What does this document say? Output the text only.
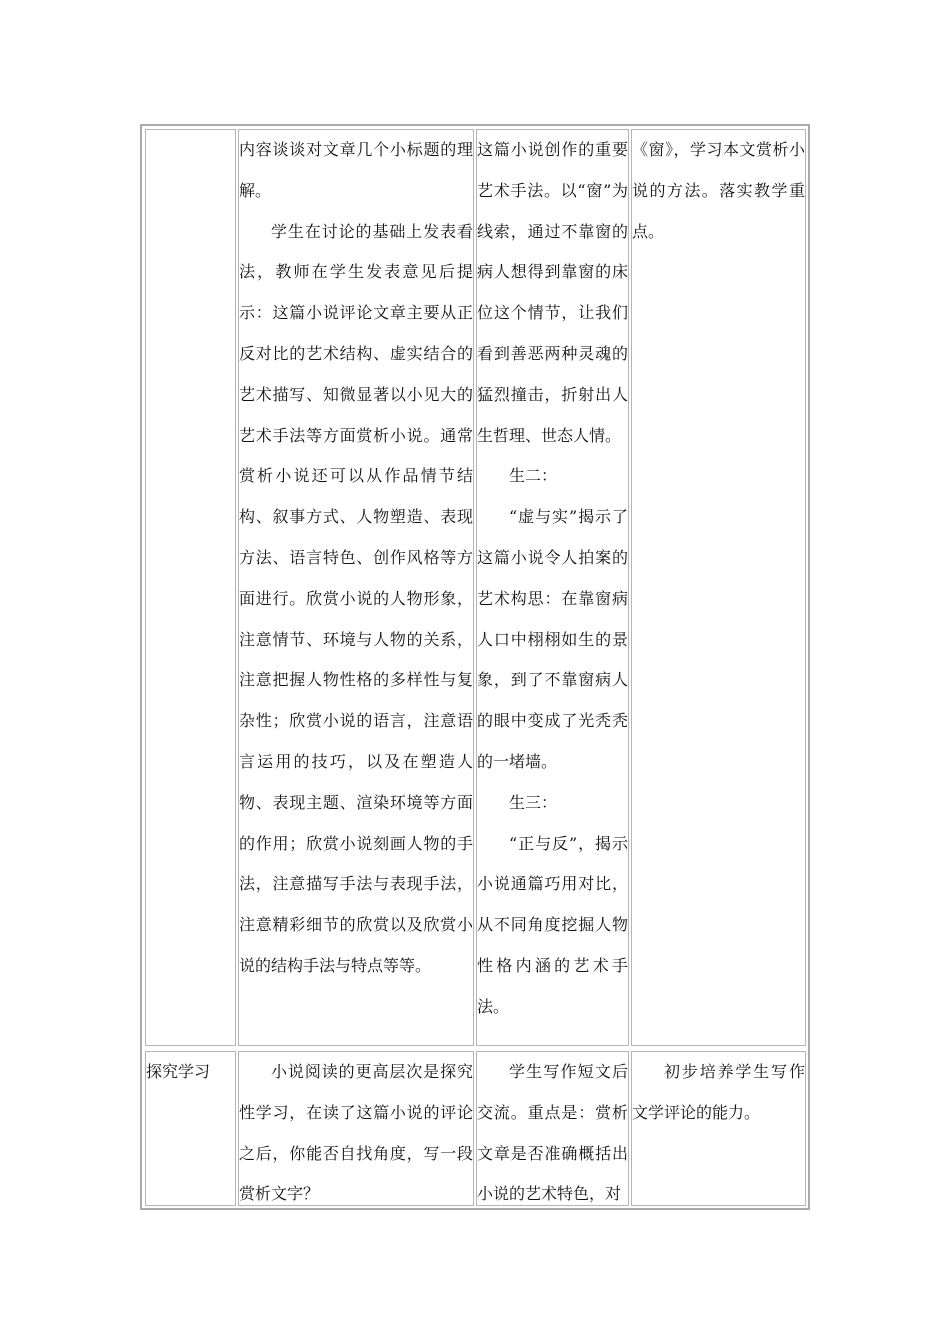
内容谈谈对文章几个小标题的理解。

学生在讨论的基础上发表看法，教师在学生发表意见后提示：这篇小说评论文章主要从正反对比的艺术结构、虚实结合的艺术描写、知微显著以小见大的艺术手法等方面赏析小说。通常赏析小说还可以从作品情节结构、叙事方式、人物塑造、表现方法、语言特色、创作风格等方面进行。欣赏小说的人物形象，注意情节、环境与人物的关系，注意把握人物性格的多样性与复杂性；欣赏小说的语言，注意语言运用的技巧，以及在塑造人物、表现主题、渲染环境等方面的作用；欣赏小说刻画人物的手法，注意描写手法与表现手法，注意精彩细节的欣赏以及欣赏小说的结构手法与特点等等。

这篇小说创作的重要艺术手法。以“窗”为线索，通过不靠窗的病人想得到靠窗的床位这个情节，让我们看到善恶两种灵魂的猛烈撞击，折射出人生哲理、世态人情。

生二：

“虚与实”揭示了这篇小说令人拍案的艺术构思：在靠窗病人口中栩栩如生的景象，到了不靠窗病人的眼中变成了光秃秃的一堵墙。

生三：

“正与反”，揭示小说通篇巧用对比，从不同角度挖掘人物性格内涵的艺术手法。

《窗》，学习本文赏析小说的方法。落实教学重点。

探究学习	小说阅读的更高层次是探究性学习，在读了这篇小说的评论之后，你能否自找角度，写一段赏析文字？

学生写作短文后交流。重点是：赏析文章是否准确概括出小说的艺术特色，对

初步培养学生写作文学评论的能力。
